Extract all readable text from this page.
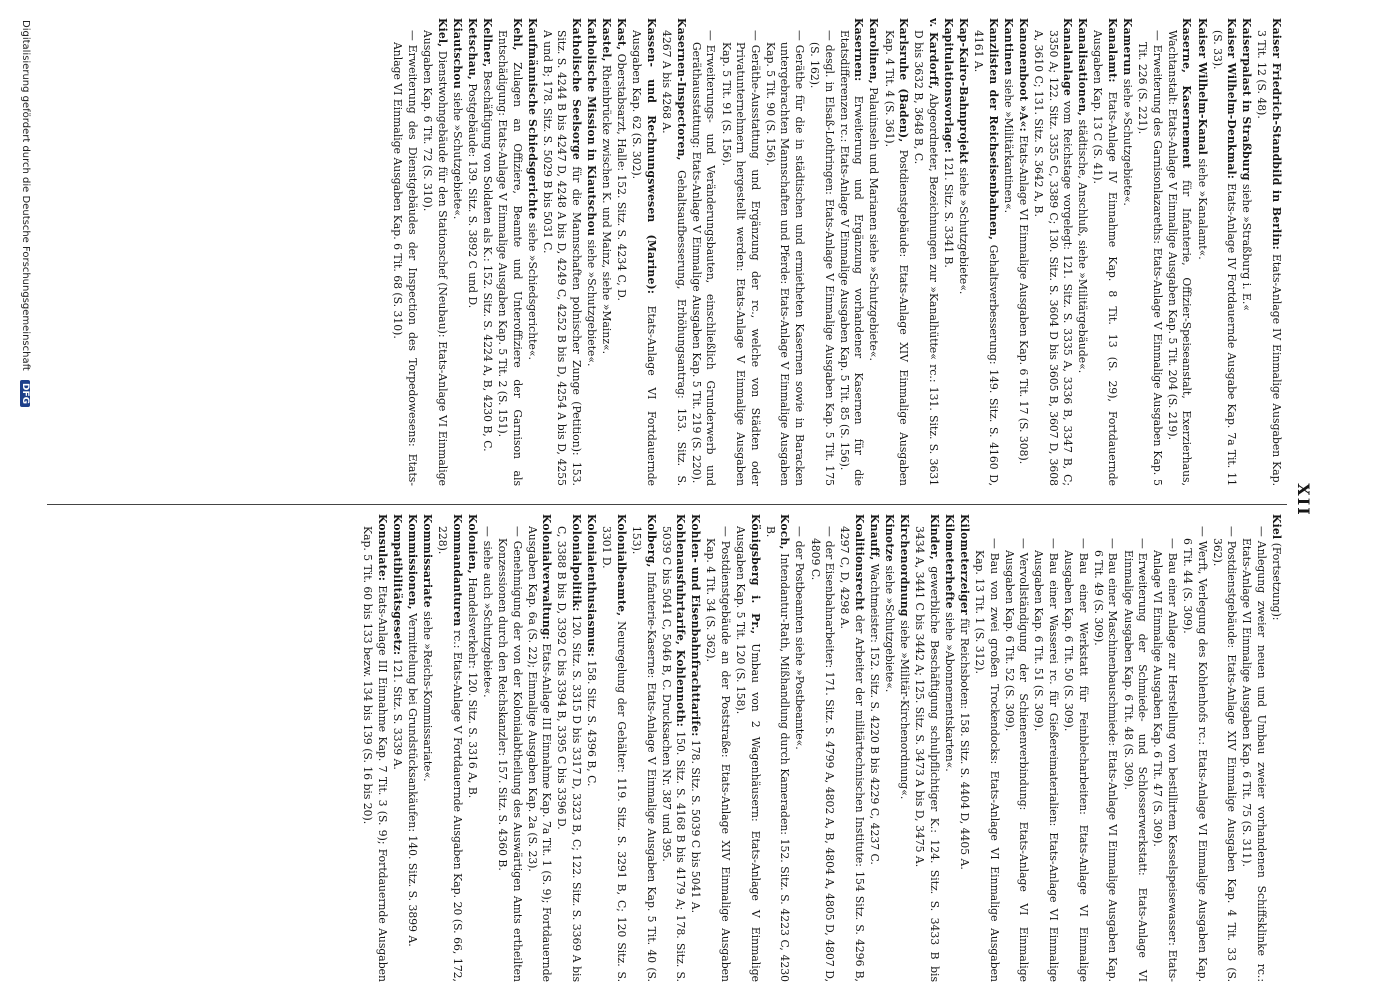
XII

Kaiser Friedrich-Standbild in Berlin: Etats-Anlage IV Einmalige Ausgaben Kap. 3 Tit. 12 (S. 48).

Kaiserpalast in Straßburg siehe »Straßburg i. E.«

Kaiser Wilhelm-Denkmal: Etats-Anlage IV Fortdauernde Ausgabe Kap. 7a Tit. 11 (S. 33).

Kaiser Wilhelm-Kanal siehe »Kanalamt«.

Kaserne, Kasernement für Infanterie, Offizier-Speiseanstalt, Exerzierhaus, Wachtanstalt: Etats-Anlage V Einmalige Ausgaben Kap. 5 Tit. 204 (S. 219).

—Erweiterung des Garnisonlazareths: Etats-Anlage V Einmalige Ausgaben Kap. 5 Tit. 226 (S. 221).

Kamerun siehe »Schutzgebiete«.

Kanalamt: Etats-Anlage IV Einnahme Kap. 8 Tit. 13 (S. 29), Fortdauernde Ausgaben Kap. 13 C (S. 41).

Kanalisationen, städtische, Anschluß, siehe »Militärgebäude«.

Kanalanlage vom Reichstage vorgelegt: 121. Sitz. S. 3335 A, 3336 B, 3347 B, C; 3350 A; 122. Sitz. 3355 C, 3389 C; 130. Sitz. S. 3604 D bis 3605 B, 3607 D, 3608 A, 3610 C; 131. Sitz. S. 3642 A, B.

Kanonenboot »A«: Etats-Anlage VI Einmalige Ausgaben Kap. 6 Tit. 17 (S. 308).

Kantinen siehe »Militärkantinen«.

Kanzlisten der Reichseisenbahnen, Gehaltsverbesserung: 149. Sitz. S. 4160 D, 4161 A.

Kap-Kairo-Bahnprojekt siehe »Schutzgebiete«.

Kapitulationsvorlage: 121. Sitz. S. 3341 B.

v. Kardorff, Abgeordneter, Bezeichnungen zur »Kanalhütte« rc.: 131. Sitz. S. 3631 D bis 3632 B, 3648 B, C.

Karlsruhe (Baden), Postdienstgebäude: Etats-Anlage XIV Einmalige Ausgaben Kap. 4 Tit. 4 (S. 361).

Karolinen, Palauinseln und Marianen siehe »Schutzgebiete«.

Kasernen: Erweiterung und Ergänzung vorhandener Kasernen für die Etatsdifferenzen rc.: Etats-Anlage V Einmalige Ausgaben Kap. 5 Tit. 85 (S. 156).

—desgl. in Elsaß-Lothringen: Etats-Anlage V Einmalige Ausgaben Kap. 5 Tit. 175 (S. 162).

—Geräthe für die in städtischen und ermietheten Kasernen sowie in Baracken untergebrachten Mannschaften und Pferde: Etats-Anlage V Einmalige Ausgaben Kap. 5 Tit. 90 (S. 156).

—Geräthe-Ausstattung und Ergänzung der rc., welche von Städten oder Privatunternehmern hergestellt werden: Etats-Anlage V Einmalige Ausgaben Kap. 5 Tit. 91 (S. 156).

—Erweiterungs- und Veränderungsbauten, einschließlich Grunderwerb und Geräthausstattung: Etats-Anlage V Einmalige Ausgaben Kap. 5 Tit. 219 (S. 220).

Kasernen-Inspectoren, Gehaltsaufbesserung, Erhöhungsantrag: 153. Sitz. S. 4267 A bis 4268 A.

Kassen- und Rechnungswesen (Marine): Etats-Anlage VI Fortdauernde Ausgaben Kap. 62 (S. 302).

Kast, Oberstabsarzt, Halle: 152. Sitz. S. 4234 C, D.

Kastel, Rheinbrücke zwischen K. und Mainz, siehe »Mainz«.

Katholische Mission in Kiautschou siehe »Schutzgebiete«.

Katholische Seelsorge für die Mannschaften polnischer Zunge (Petition): 153. Sitz. S. 4244 B bis 4247 D, 4248 A bis D, 4249 C, 4252 B bis D, 4254 A bis D, 4255 A und B; 178. Sitz. S. 5029 B bis 5031 C.

Kaufmännische Schiedsgerichte siehe »Schiedsgerichte«.

Kehl, Zulagen an Offiziere, Beamte und Unteroffiziere der Garnison als Entschädigung: Etats-Anlage V Einmalige Ausgaben Kap. 5 Tit. 2 (S. 151).

Kellner, Beschäftigung von Soldaten als K.: 152. Sitz. S. 4224 A, B, 4230 B, C.

Ketschau, Postgebäude: 139. Sitz. S. 3892 C und D.

Kiautschou siehe »Schutzgebiete«.

Kiel, Dienstwohngebäude für den Stationschef (Neubau): Etats-Anlage VI Einmalige Ausgaben Kap. 6 Tit. 72 (S. 310).

—Erweiterung des Dienstgebäudes der Inspection des Torpedowesens: Etats-Anlage VI Einmalige Ausgaben Kap. 6 Tit. 68 (S. 310).

Kiel (Fortsetzung):

—Anlegung zweier neuen und Umbau zweier vorhandenen Schiffsklinke rc.: Etats-Anlage VI Einmalige Ausgaben Kap. 6 Tit. 75 (S. 311).

—Postdienstgebäude: Etats-Anlage XIV Einmalige Ausgaben Kap. 4 Tit. 33 (S. 362).

—Werft, Verlegung des Kohlenhofs rc.: Etats-Anlage VI Einmalige Ausgaben Kap. 6 Tit. 44 (S. 309).

—Bau einer Anlage zur Herstellung von bestillirtem Kesselspeisewasser: Etats-Anlage VI Einmalige Ausgaben Kap. 6 Tit. 47 (S. 309).

—Erweiterung der Schmiede- und Schlosserwerkstatt: Etats-Anlage VI Einmalige Ausgaben Kap. 6 Tit. 48 (S. 309).

—Bau einer Maschinenbauschmiede: Etats-Anlage VI Einmalige Ausgaben Kap. 6 Tit. 49 (S. 309).

—Bau einer Werkstatt für Feinblecharbeiten: Etats-Anlage VI Einmalige Ausgaben Kap. 6 Tit. 50 (S. 309).

—Bau einer Wasserei rc. für Gießereimaterialien: Etats-Anlage VI Einmalige Ausgaben Kap. 6 Tit. 51 (S. 309).

—Vervollständigung der Schienenverbindung: Etats-Anlage VI Einmalige Ausgaben Kap. 6 Tit. 52 (S. 309).

—Bau von zwei großen Trockendocks: Etats-Anlage VI Einmalige Ausgaben Kap. 13 Tit. 1 (S. 312).

Kilometerzeiger für Reichsboten: 158. Sitz. S. 4404 D, 4405 A.

Kilometerhefte siehe »Abonnementskarten«.

Kinder, gewerbliche Beschäftigung schulpflichtiger K.: 124. Sitz. S. 3433 B bis 3434 A, 3441 C bis 3442 A; 125. Sitz. S. 3473 A bis D, 3475 A.

Kirchenordnung siehe »Militär-Kirchenordnung«.

Kinotze siehe »Schutzgebiete«.

Knauff, Wachtmeister: 152. Sitz. S. 4220 B bis 4229 C, 4237 C.

Koalitionsrecht der Arbeiter der militärtechnischen Institute: 154 Sitz. S. 4296 B, 4297 C, D, 4298 A.

—der Eisenbahnarbeiter: 171. Sitz. S. 4799 A, 4802 A, B, 4804 A, 4805 D, 4807 D, 4809 C.

—der Postbeamten siehe »Postbeamte«.

Koch, Intendantur-Rath, Mißhandlung durch Kameraden: 152. Sitz. S. 4223 C, 4230 B.

Königsberg i. Pr., Umbau von 2 Wagenhäusern: Etats-Anlage V Einmalige Ausgaben Kap. 5 Tit. 120 (S. 158).

—Postdienstgebäude an der Poststraße: Etats-Anlage XIV Einmalige Ausgaben Kap. 4 Tit. 34 (S. 362).

Kohlen- und Eisenbahnfrachttarife: 178. Sitz. S. 5039 C bis 5041 A.

Kohlenausfuhrtarife, Kohlennoth: 150. Sitz. S. 4168 B bis 4179 A; 178. Sitz. S. 5039 C bis 5041 C, 5046 B, C. Drucksachen Nr. 387 und 395.

Kolberg, Infanterie-Kaserne: Etats-Anlage V Einmalige Ausgaben Kap. 5 Tit. 40 (S. 153).

Kolonialbeamte, Neuregelung der Gehälter: 119. Sitz. S. 3291 B, C; 120 Sitz. S. 3301 D.

Kolonialenthusiasmus: 158. Sitz. S. 4396 B, C.

Kolonialpolitik: 120. Sitz. S. 3315 D bis 3317 D, 3323 B, C; 122. Sitz. S. 3369 A bis C, 3388 B bis D, 3392 C bis 3394 B, 3395 C bis 3396 D.

Kolonialverwaltung: Etats-Anlage III Einnahme Kap. 7a Tit. 1 (S. 9); Fortdauernde Ausgaben Kap. 6a (S. 22); Einmalige Ausgaben Kap. 2a (S. 23).

—Genehmigung der von der Kolonialabtheilung des Auswärtigen Amts ertheilten Konzessionen durch den Reichskanzler: 157. Sitz. S. 4360 B.

—siehe auch »Schutzgebiete«.

Kolonien, Handelsverkehr: 120. Sitz. S. 3316 A, B.

Kommandanturen rc.: Etats-Anlage V Fortdauernde Ausgaben Kap. 20 (S. 66, 172, 228).

Kommissariate siehe »Reichs-Kommissariate«.

Kommissionen, Vermittelung bei Grundstücksankäufen: 140. Sitz. S. 3899 A.

Kompatibilitätsgesetz: 121. Sitz. S. 3339 A.

Konsulate: Etats-Anlage III Einnahme Kap. 7 Tit. 3 (S. 9); Fortdauernde Ausgaben Kap. 5 Tit. 60 bis 133 bezw. 134 bis 139 (S. 16 bis 20).

Digitalisierung gefördert durch die Deutsche Forschungsgemeinschaft DFG
